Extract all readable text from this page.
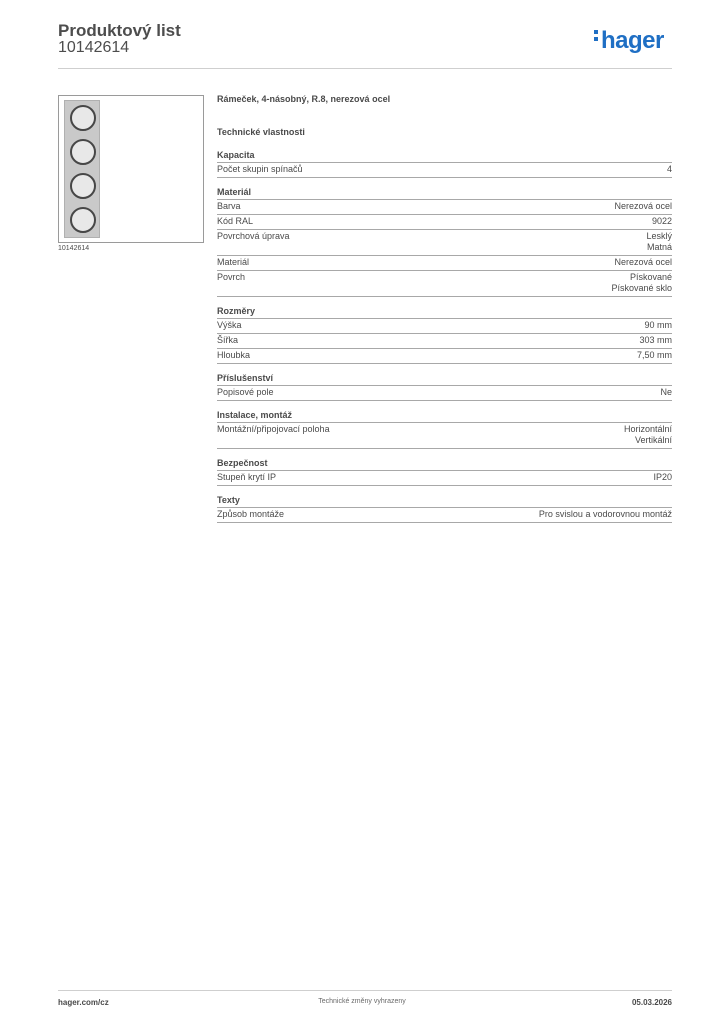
Produktový list
10142614	hager
10142614
Rámeček, 4-násobný, R.8, nerezová ocel
Technické vlastnosti
Kapacita
Počet skupin spínačů	4
Materiál
Barva	Nerezová ocel
Kód RAL	9022
Povrchová úprava	Lesklý
Matná
Materiál	Nerezová ocel
Povrch	Pískované
Pískované sklo
Rozměry
Výška	90 mm
Šířka	303 mm
Hloubka	7,50 mm
Příslušenství
Popisové pole	Ne
Instalace, montáž
Montážní/připojovací poloha	Horizontální
Vertikální
Bezpečnost
Stupeň krytí IP	IP20
Texty
Způsob montáže	Pro svislou a vodorovnou montáž
hager.com/cz	Technické změny vyhrazeny	05.03.2026
